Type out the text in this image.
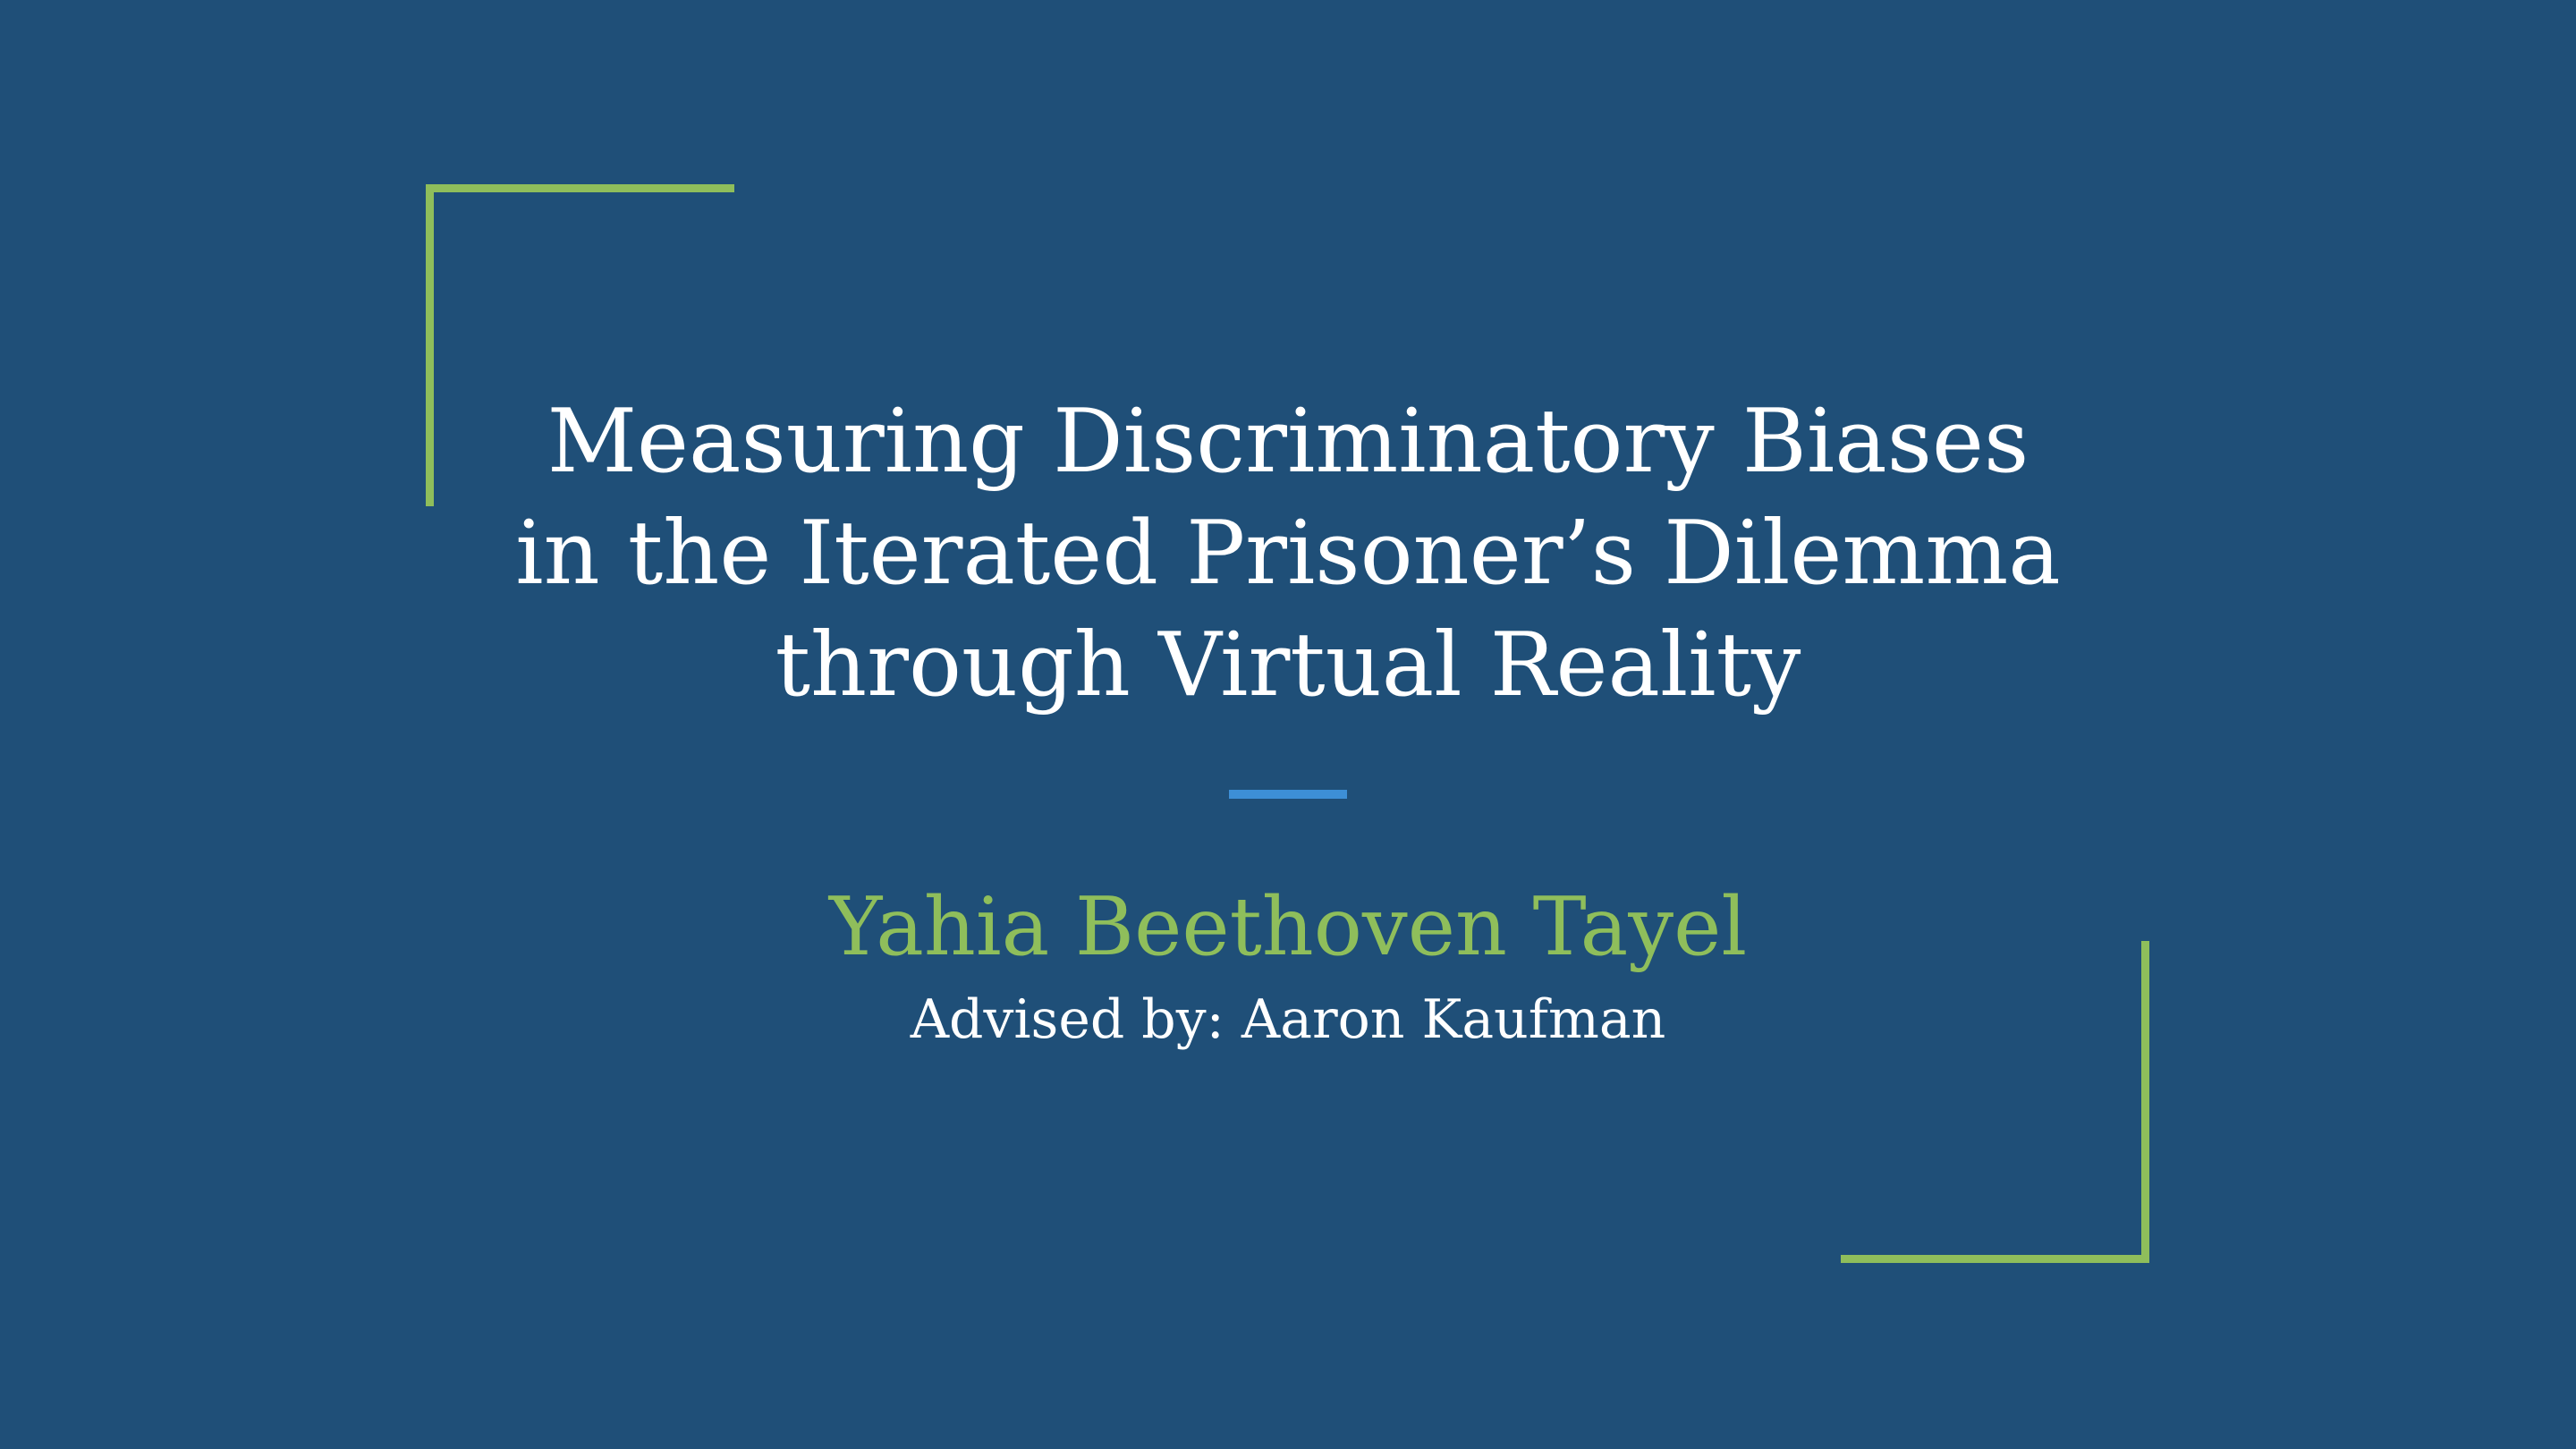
Measuring Discriminatory Biases
in the Iterated Prisoner’s Dilemma
through Virtual Reality

Yahia Beethoven Tayel

Advised by: Aaron Kaufman
